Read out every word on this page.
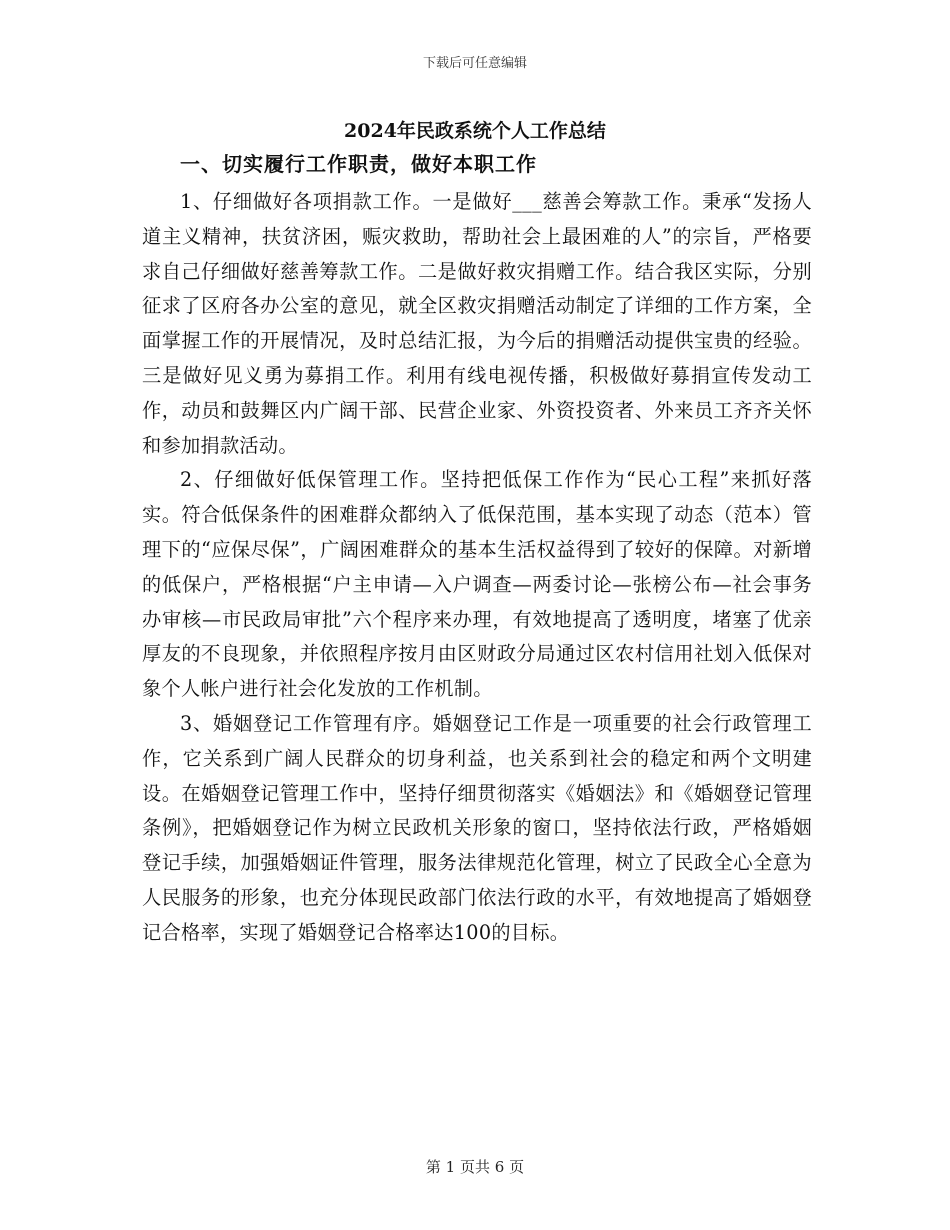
下载后可任意编辑
2024年民政系统个人工作总结
一、切实履行工作职责，做好本职工作

1、仔细做好各项捐款工作。一是做好___慈善会筹款工作。秉承“发扬人道主义精神，扶贫济困，赈灾救助，帮助社会上最困难的人”的宗旨，严格要求自己仔细做好慈善筹款工作。二是做好救灾捐赠工作。结合我区实际，分别征求了区府各办公室的意见，就全区救灾捐赠活动制定了详细的工作方案，全面掌握工作的开展情况，及时总结汇报，为今后的捐赠活动提供宝贵的经验。三是做好见义勇为募捐工作。利用有线电视传播，积极做好募捐宣传发动工作，动员和鼓舞区内广阔干部、民营企业家、外资投资者、外来员工齐齐关怀和参加捐款活动。

2、仔细做好低保管理工作。坚持把低保工作作为“民心工程”来抓好落实。符合低保条件的困难群众都纳入了低保范围，基本实现了动态（范本）管理下的“应保尽保”，广阔困难群众的基本生活权益得到了较好的保障。对新增的低保户，严格根据“户主申请—入户调查—两委讨论—张榜公布—社会事务办审核—市民政局审批”六个程序来办理，有效地提高了透明度，堵塞了优亲厚友的不良现象，并依照程序按月由区财政分局通过区农村信用社划入低保对象个人帐户进行社会化发放的工作机制。

3、婚姻登记工作管理有序。婚姻登记工作是一项重要的社会行政管理工作，它关系到广阔人民群众的切身利益，也关系到社会的稳定和两个文明建设。在婚姻登记管理工作中，坚持仔细贯彻落实《婚姻法》和《婚姻登记管理条例》，把婚姻登记作为树立民政机关形象的窗口，坚持依法行政，严格婚姻登记手续，加强婚姻证件管理，服务法律规范化管理，树立了民政全心全意为人民服务的形象，也充分体现民政部门依法行政的水平，有效地提高了婚姻登记合格率，实现了婚姻登记合格率达100的目标。

第 1 页共 6 页
